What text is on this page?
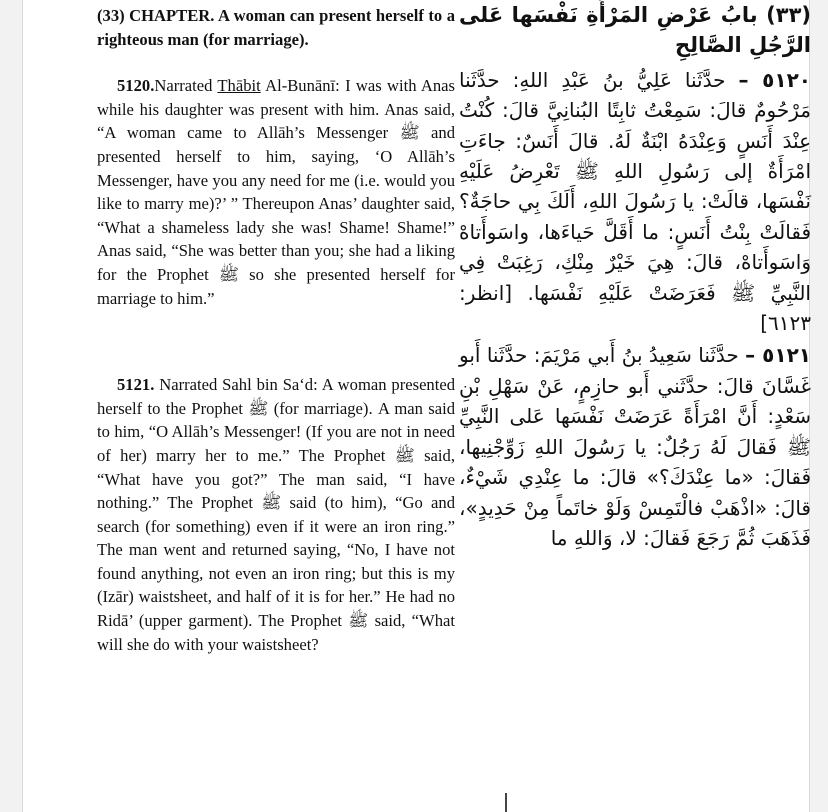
(33) CHAPTER. A woman can present herself to a righteous man (for marriage).

5120.Narrated Thābit Al-Bunānī: I was with Anas while his daughter was present with him. Anas said, “A woman came to Allāh’s Messenger ﷺ and presented herself to him, saying, ‘O Allāh’s Messenger, have you any need for me (i.e. would you like to marry me)?’ ” Thereupon Anas’ daughter said, “What a shameless lady she was! Shame! Shame!” Anas said, “She was better than you; she had a liking for the Prophet ﷺ so she presented herself for marriage to him.”

5121. Narrated Sahl bin Sa‘d: A woman presented herself to the Prophet ﷺ (for marriage). A man said to him, “O Allāh’s Messenger! (If you are not in need of her) marry her to me.” The Prophet ﷺ said, “What have you got?” The man said, “I have nothing.” The Prophet ﷺ said (to him), “Go and search (for something) even if it were an iron ring.” The man went and returned saying, “No, I have not found anything, not even an iron ring; but this is my (Izār) waistsheet, and half of it is for her.” He had no Ridā’ (upper garment). The Prophet ﷺ said, “What will she do with your waistsheet?

(٣٣) بابُ عَرْضِ المَرْأَةِ نَفْسَها عَلى الرَّجُلِ الصَّالِحِ

٥١٢٠ – حدَّثَنا عَلِيُّ بنُ عَبْدِ اللهِ: حدَّثَنا مَرْحُومٌ قالَ: سَمِعْتُ ثابِتًا البُنانِيَّ قالَ: كُنْتُ عِنْدَ أَنَسٍ وَعِنْدَهُ ابْنَةٌ لَهُ. قالَ أَنَسٌ: جاءَتِ امْرَأَةٌ إلى رَسُولِ اللهِ ﷺ تَعْرِضُ عَلَيْهِ نَفْسَها، قالَتْ: يا رَسُولَ اللهِ، أَلَكَ بِي حاجَةٌ؟ فَقالَتْ بِنْتُ أَنَسٍ: ما أَقَلَّ حَياءَها، واسَوأَتاهْ وَاسَوأَتاهْ، قالَ: هِيَ خَيْرٌ مِنْكِ، رَغِبَتْ فِي النَّبِيِّ ﷺ فَعَرَضَتْ عَلَيْهِ نَفْسَها. [انظر: ٦١٢٣]

٥١٢١ – حدَّثَنا سَعِيدُ بنُ أَبي مَرْيَمَ: حدَّثَنا أَبو غَسَّانَ قالَ: حدَّثَني أَبو حازِمٍ، عَنْ سَهْلِ بْنِ سَعْدٍ: أَنَّ امْرَأَةً عَرَضَتْ نَفْسَها عَلى النَّبِيِّ ﷺ فَقالَ لَهُ رَجُلٌ: يا رَسُولَ اللهِ زَوِّجْنِيها، فَقالَ: «ما عِنْدَكَ؟» قالَ: ما عِنْدِي شَيْءٌ، قالَ: «اذْهَبْ فالْتَمِسْ وَلَوْ خاتَماً مِنْ حَدِيدٍ»، فَذَهَبَ ثُمَّ رَجَعَ فَقالَ: لا، وَاللهِ ما
